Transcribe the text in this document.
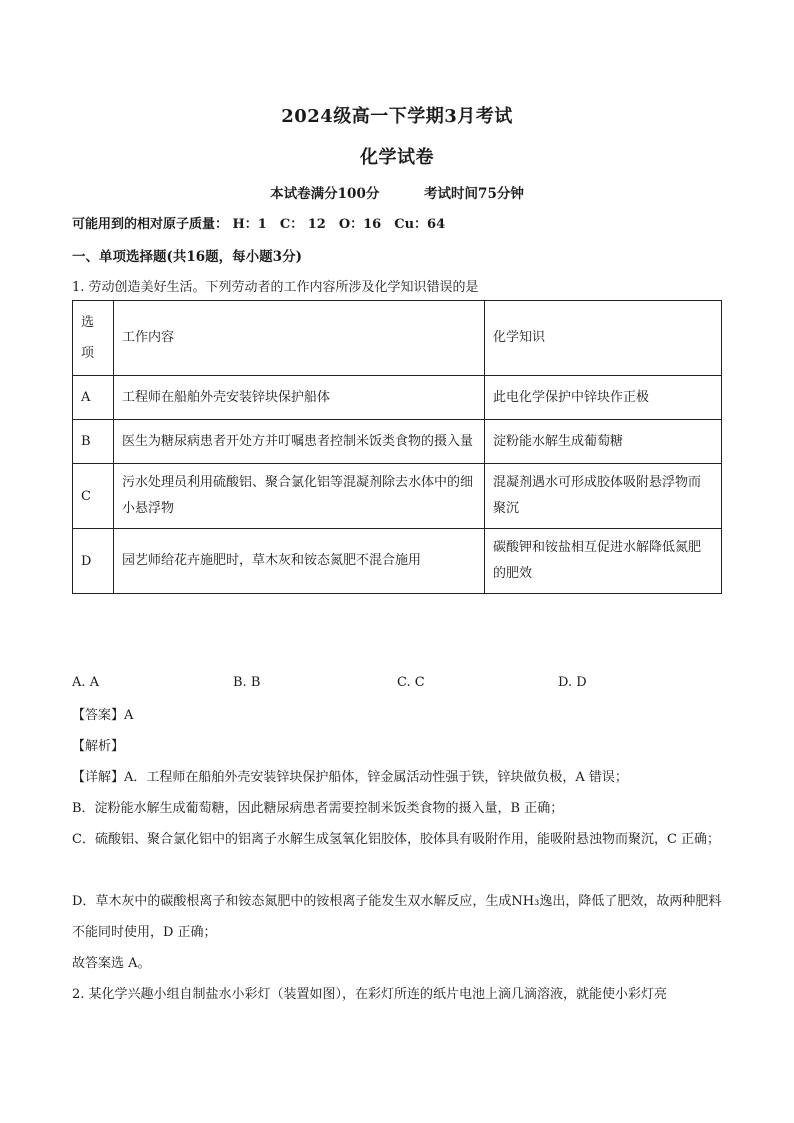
2024级高一下学期3月考试
化学试卷
本试卷满分100分	考试时间75分钟
可能用到的相对原子质量： H：1　C： 12　O：16　Cu：64
一、单项选择题(共16题，每小题3分)
1. 劳动创造美好生活。下列劳动者的工作内容所涉及化学知识错误的是
选项	工作内容	化学知识
A	工程师在船舶外壳安装锌块保护船体	此电化学保护中锌块作正极
B	医生为糖尿病患者开处方并叮嘱患者控制米饭类食物的摄入量	淀粉能水解生成葡萄糖
C	污水处理员利用硫酸铝、聚合氯化铝等混凝剂除去水体中的细小悬浮物	混凝剂遇水可形成胶体吸附悬浮物而聚沉
D	园艺师给花卉施肥时，草木灰和铵态氮肥不混合施用	碳酸钾和铵盐相互促进水解降低氮肥的肥效
A. A	B. B	C. C	D. D
【答案】A
【解析】
【详解】A．工程师在船舶外壳安装锌块保护船体，锌金属活动性强于铁，锌块做负极，A 错误；
B．淀粉能水解生成葡萄糖，因此糖尿病患者需要控制米饭类食物的摄入量，B 正确；
C．硫酸铝、聚合氯化铝中的铝离子水解生成氢氧化铝胶体，胶体具有吸附作用，能吸附悬浊物而聚沉，C 正确；
D．草木灰中的碳酸根离子和铵态氮肥中的铵根离子能发生双水解反应，生成NH₃逸出，降低了肥效，故两种肥料不能同时使用，D 正确；
故答案选 A。
2. 某化学兴趣小组自制盐水小彩灯（装置如图），在彩灯所连的纸片电池上滴几滴溶液，就能使小彩灯亮
